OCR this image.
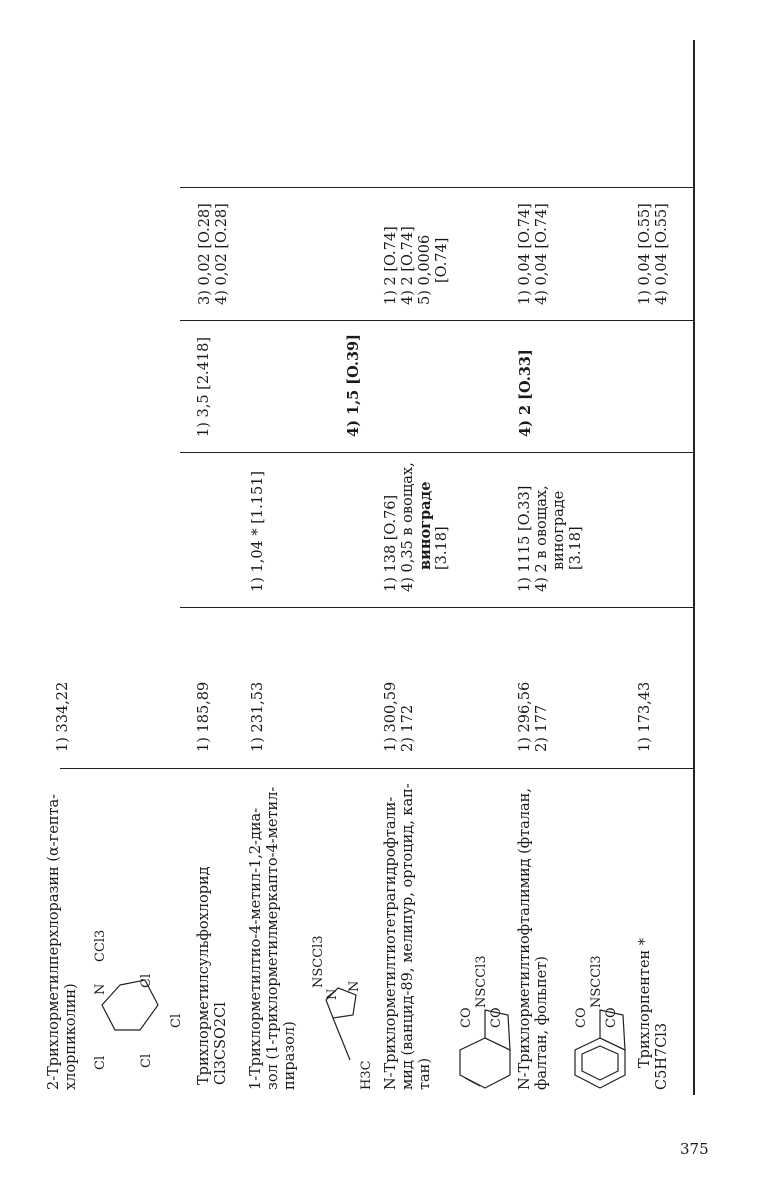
2-Трихлорметилперхлоразин (α-гепта- хлорпиколин) N
CCl3
Cl
Cl
Cl
Cl
1) 334,22
4) 1,5 [O.39]
3) 0,02 [O.28] 4) 0,02 [O.28]
Трихлорметилсульфохлорид Cl3CSO2Cl
1) 185,89
1) 3,5 [2.418]
1-Трихлорметилтио-4-метил-1,2-диа- зол (1-трихлорметилмеркапто-4-метил- пиразол)
NSCCl3
N
N
H3C
1) 231,53
1) 1,04 * [1.151]
N-Трихлорметилтиотетрагидрофтали- мид (ванцид-89, мелипур, ортоцид, кап- тан)
CO
NSCCl3
CO
1) 300,59 2) 172
1) 138 [O.76] 4) 0,35 в овощах, винограде [3.18]
1) 2 [O.74] 4) 2 [O.74] 5) 0,0006 [O.74]
N-Трихлорметилтиофталимид (фталан, фалтан, фольпет) CO
NSCCl3
CO
1) 296,56 2) 177
1) 1115 [O.33] 4) 2 в овощах, винограде [3.18]
4) 2 [O.33]
1) 0,04 [O.74] 4) 0,04 [O.74]
Трихлорпентен * C5H7Cl3
1) 173,43
1) 0,04 [O.55] 4) 0,04 [O.55]
375
